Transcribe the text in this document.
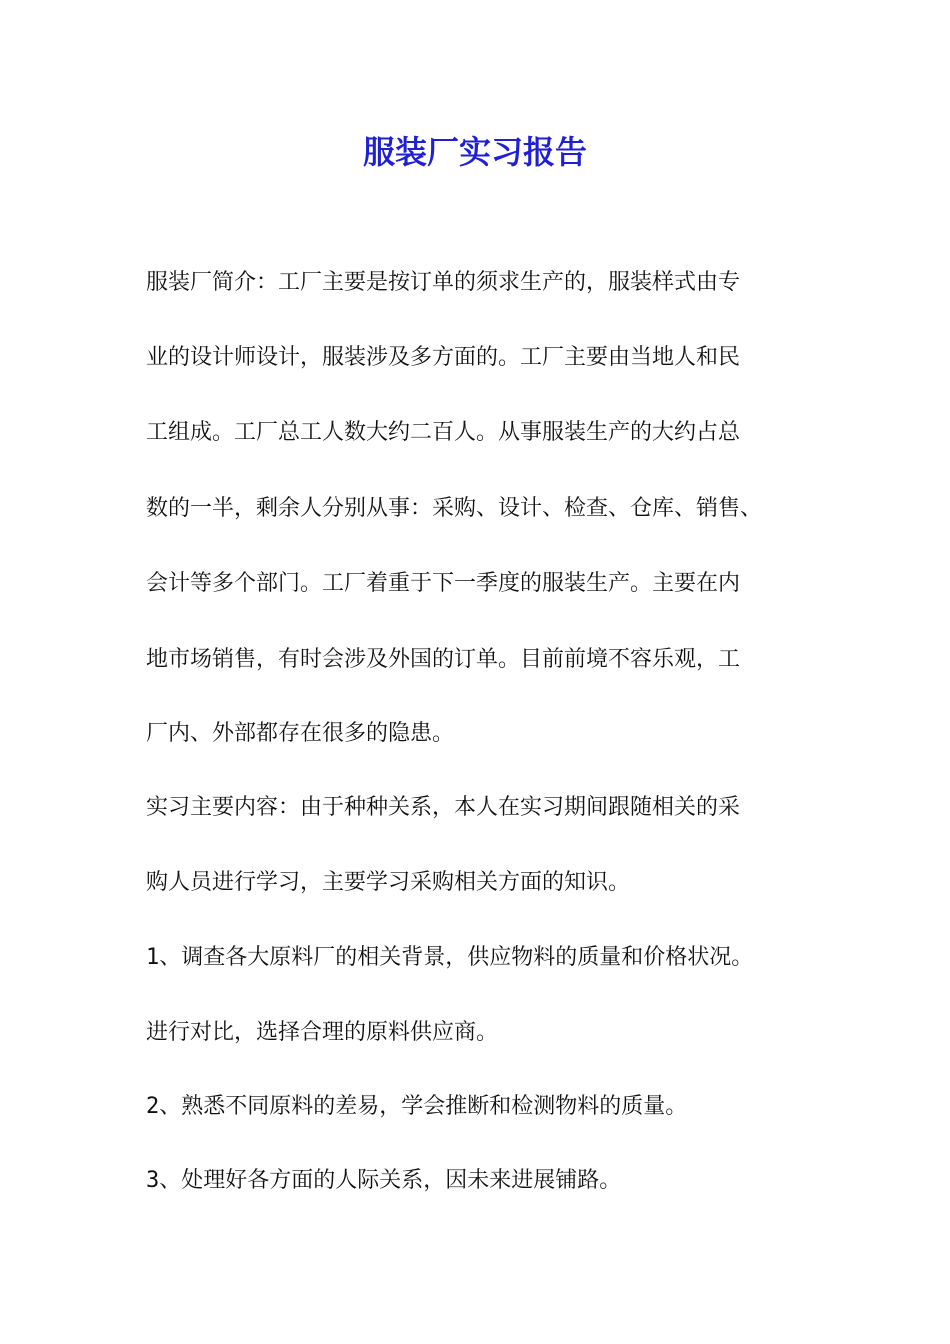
服装厂实习报告
服装厂简介：工厂主要是按订单的须求生产的，服装样式由专
业的设计师设计，服装涉及多方面的。工厂主要由当地人和民
工组成。工厂总工人数大约二百人。从事服装生产的大约占总
数的一半，剩余人分别从事：采购、设计、检查、仓库、销售、
会计等多个部门。工厂着重于下一季度的服装生产。主要在内
地市场销售，有时会涉及外国的订单。目前前境不容乐观，工
厂内、外部都存在很多的隐患。
实习主要内容：由于种种关系，本人在实习期间跟随相关的采
购人员进行学习，主要学习采购相关方面的知识。
1、调查各大原料厂的相关背景，供应物料的质量和价格状况。
进行对比，选择合理的原料供应商。
2、熟悉不同原料的差易，学会推断和检测物料的质量。
3、处理好各方面的人际关系，因未来进展铺路。
